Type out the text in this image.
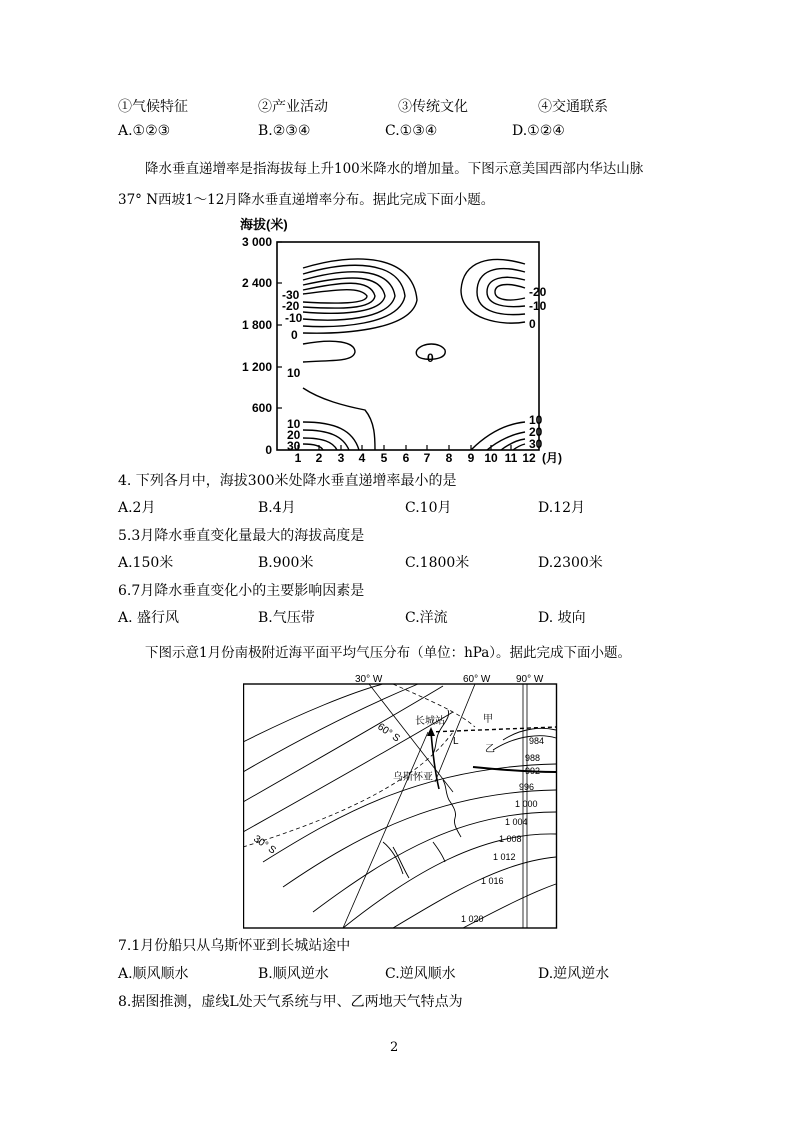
①气候特征	②产业活动	③传统文化	④交通联系
A.①②③	B.②③④	C.①③④	D.①②④
降水垂直递增率是指海拔每上升100米降水的增加量。下图示意美国西部内华达山脉
37° N西坡1～12月降水垂直递增率分布。据此完成下面小题。
海拔(米)
3 000
2 400
1 800
1 200
600
0
1 2 3 4 5 6 7 8 9 10 11 12 (月)
-30
-20
-10
0
10
0
10
20
30
-20
-10
0
10
20
30
4. 下列各月中，海拔300米处降水垂直递增率最小的是
A.2月	B.4月	C.10月	D.12月
5.3月降水垂直变化量最大的海拔高度是
A.150米	B.900米	C.1800米	D.2300米
6.7月降水垂直变化小的主要影响因素是
A. 盛行风	B.气压带	C.洋流	D. 坡向
下图示意1月份南极附近海平面平均气压分布（单位：hPa）。据此完成下面小题。
30° W	60° W	90° W
长城站
乌斯怀亚
甲
乙
L
60° S
30° S
984
988
992
996
1 000
1 004
1 008
1 012
1 016
1 020
7.1月份船只从乌斯怀亚到长城站途中
A.顺风顺水	B.顺风逆水	C.逆风顺水	D.逆风逆水
8.据图推测，虚线L处天气系统与甲、乙两地天气特点为
2
